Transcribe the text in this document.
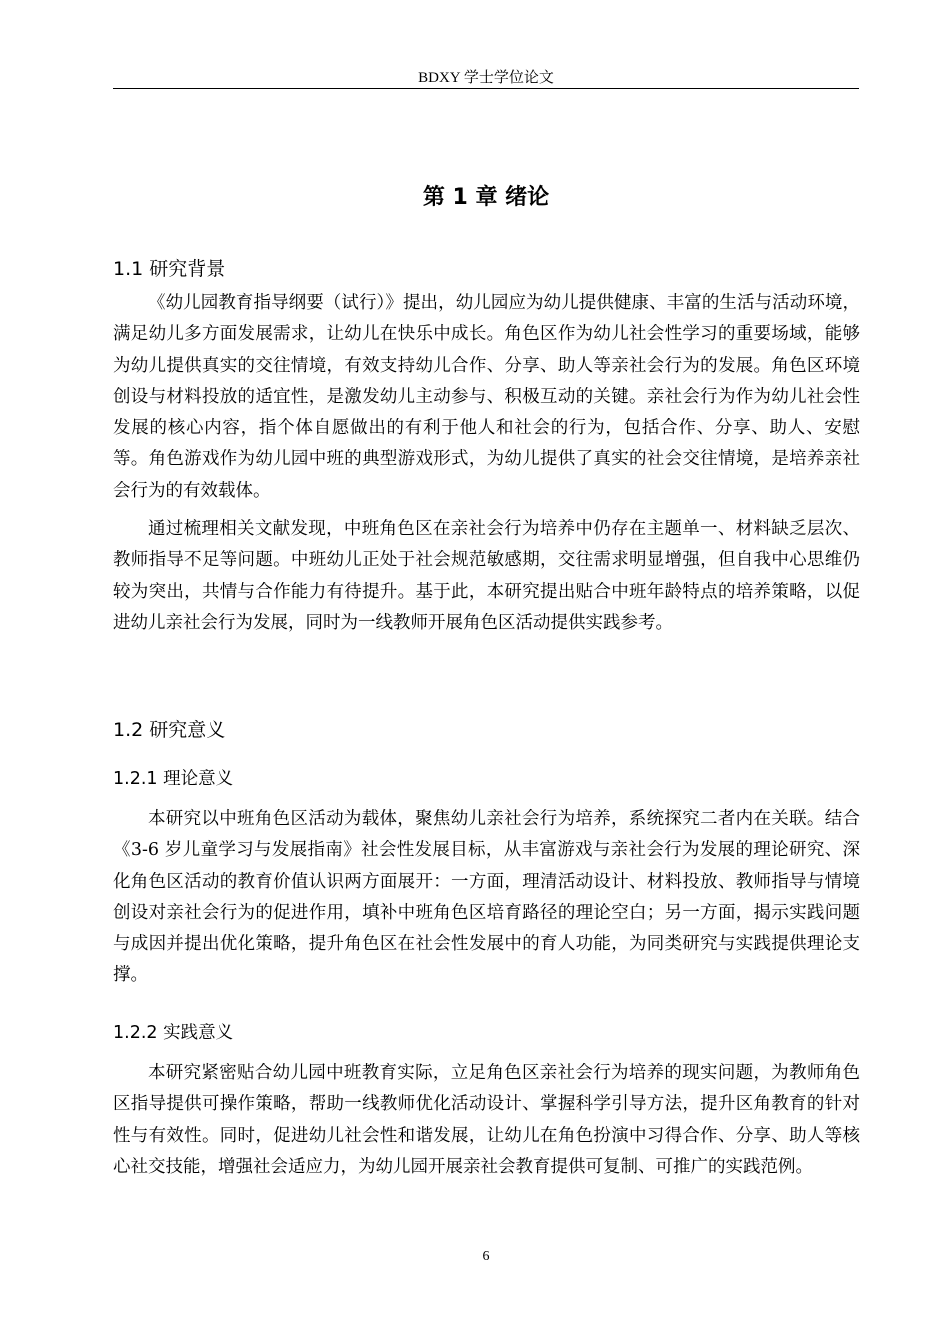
BDXY 学士学位论文
第 1 章 绪论
1.1 研究背景

《幼儿园教育指导纲要（试行）》提出，幼儿园应为幼儿提供健康、丰富的生活与活动环境，满足幼儿多方面发展需求，让幼儿在快乐中成长。角色区作为幼儿社会性学习的重要场域，能够为幼儿提供真实的交往情境，有效支持幼儿合作、分享、助人等亲社会行为的发展。角色区环境创设与材料投放的适宜性，是激发幼儿主动参与、积极互动的关键。亲社会行为作为幼儿社会性发展的核心内容，指个体自愿做出的有利于他人和社会的行为，包括合作、分享、助人、安慰等。角色游戏作为幼儿园中班的典型游戏形式，为幼儿提供了真实的社会交往情境，是培养亲社会行为的有效载体。

通过梳理相关文献发现，中班角色区在亲社会行为培养中仍存在主题单一、材料缺乏层次、教师指导不足等问题。中班幼儿正处于社会规范敏感期，交往需求明显增强，但自我中心思维仍较为突出，共情与合作能力有待提升。基于此，本研究提出贴合中班年龄特点的培养策略，以促进幼儿亲社会行为发展，同时为一线教师开展角色区活动提供实践参考。

1.2 研究意义
1.2.1 理论意义

本研究以中班角色区活动为载体，聚焦幼儿亲社会行为培养，系统探究二者内在关联。结合《3-6 岁儿童学习与发展指南》社会性发展目标，从丰富游戏与亲社会行为发展的理论研究、深化角色区活动的教育价值认识两方面展开：一方面，理清活动设计、材料投放、教师指导与情境创设对亲社会行为的促进作用，填补中班角色区培育路径的理论空白；另一方面，揭示实践问题与成因并提出优化策略，提升角色区在社会性发展中的育人功能，为同类研究与实践提供理论支撑。

1.2.2 实践意义

本研究紧密贴合幼儿园中班教育实际，立足角色区亲社会行为培养的现实问题，为教师角色区指导提供可操作策略，帮助一线教师优化活动设计、掌握科学引导方法，提升区角教育的针对性与有效性。同时，促进幼儿社会性和谐发展，让幼儿在角色扮演中习得合作、分享、助人等核心社交技能，增强社会适应力，为幼儿园开展亲社会教育提供可复制、可推广的实践范例。

6
